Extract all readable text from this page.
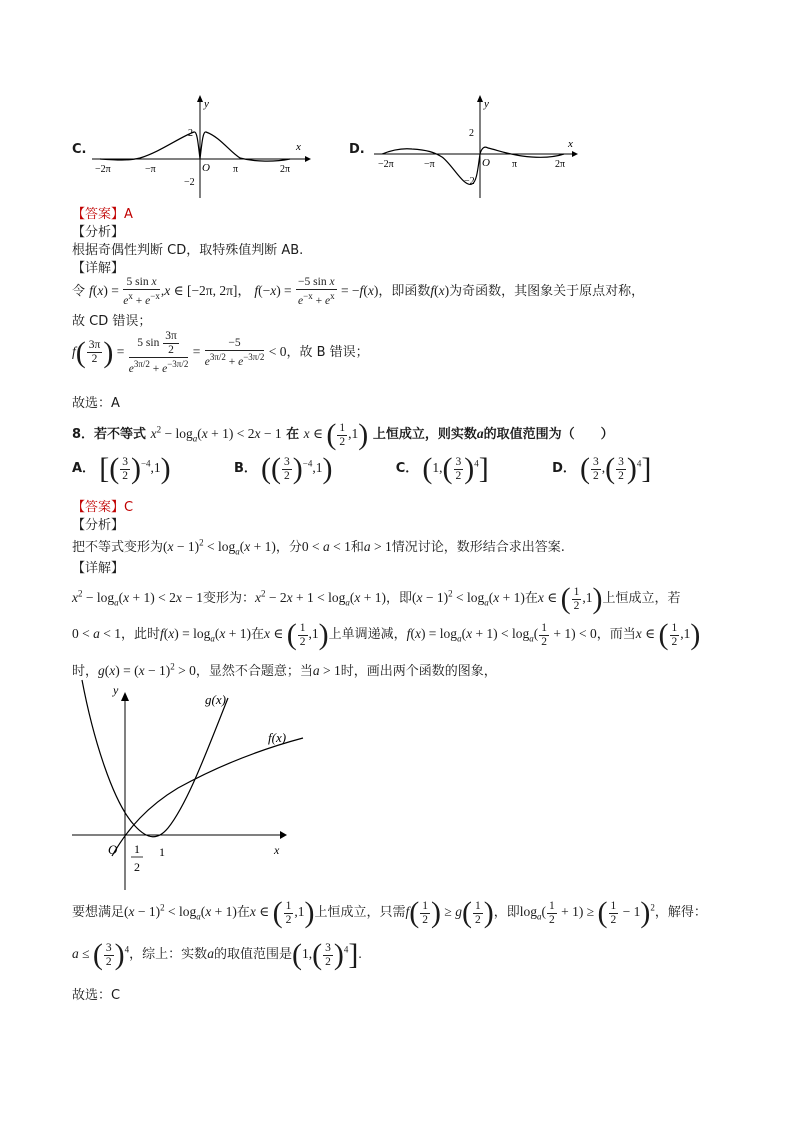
C.	x
y
O
−2π	−π	π	2π
2
−2
D.	x
y
O
−2π	−π	π	2π
2
−2
【答案】A
【分析】
根据奇偶性判断 CD，取特殊值判断 AB.
【详解】
令 $f(x) = \frac{\text{5 sin x}}{e^x + e^{-x}} ,x$ ∈ [−2π, 2π]， $f(-x) = \frac{\text{−5 sin x}}{e^{-x} + e^x} = -f(x)$，即函数f(x)为奇函数，其图象关于原点对称，
故 CD 错误；
$f( \frac{3\pi}{2}$ ) = $\frac{5 \sin \frac{3\pi}{2}}{e^{3\pi/2} + e^{-3\pi/2}} = \frac{-5}{e^{3\pi/2} + e^{-3\pi/2}} < 0$，故 B 错误；
故选：A
8．若不等式 $x^2 - \log_a(x + 1) < 2x - 1$ 在 x ∈ ( $\frac{1}{2} ,1$) 上恒成立，则实数a的取值范围为（　　）
A． [( $\frac{3}{2} )^{-4},1$)	B． (( $\frac{3}{2} )^{-4},1$)	C． $(1,( \frac{3}{2} )^4]$	D． ( $\frac{3}{2}$ ,( $\frac{3}{2} )^4$]
【答案】C
【分析】
把不等式变形为$(x - 1)^2 < \log_a(x + 1)$，分0 < a < 1和a > 1情况讨论，数形结合求出答案.
【详解】
$x^2 - \log_a(x + 1) < 2x - 1$变形为：$x^2 - 2x + 1 < \log_a(x + 1)$，即$(x - 1)^2 < \log_a(x + 1)$在x ∈ ( $\frac{1}{2} ,1$)上恒成立，若
0 < a < 1，此时$f(x) = \log_a(x + 1)$在x ∈ ( $\frac{1}{2} ,1$)上单调递减，$f(x) = \log_a(x + 1) < \log_a( \frac{1}{2} + 1) < 0$，而当x ∈ ( $\frac{1}{2} ,1$)
时，$g(x) = (x - 1)^2 > 0$，显然不合题意；当a > 1时，画出两个函数的图象，
g(x)
f(x)
x
y
O 1
2
1
要想满足$(x - 1)^2 < \log_a(x + 1)$在x ∈ ( $\frac{1}{2} ,1$)上恒成立，只需$f( \frac{1}{2}$ ) ≥ $g( \frac{1}{2}$ )，即$\log_a( \frac{1}{2} + 1)$ ≥ ( $\frac{1}{2} - 1)^2$，解得：
a ≤ ( $\frac{3}{2} )^4$，综上：实数a的取值范围是$(1,( \frac{3}{2} )^4]$.
故选：C
